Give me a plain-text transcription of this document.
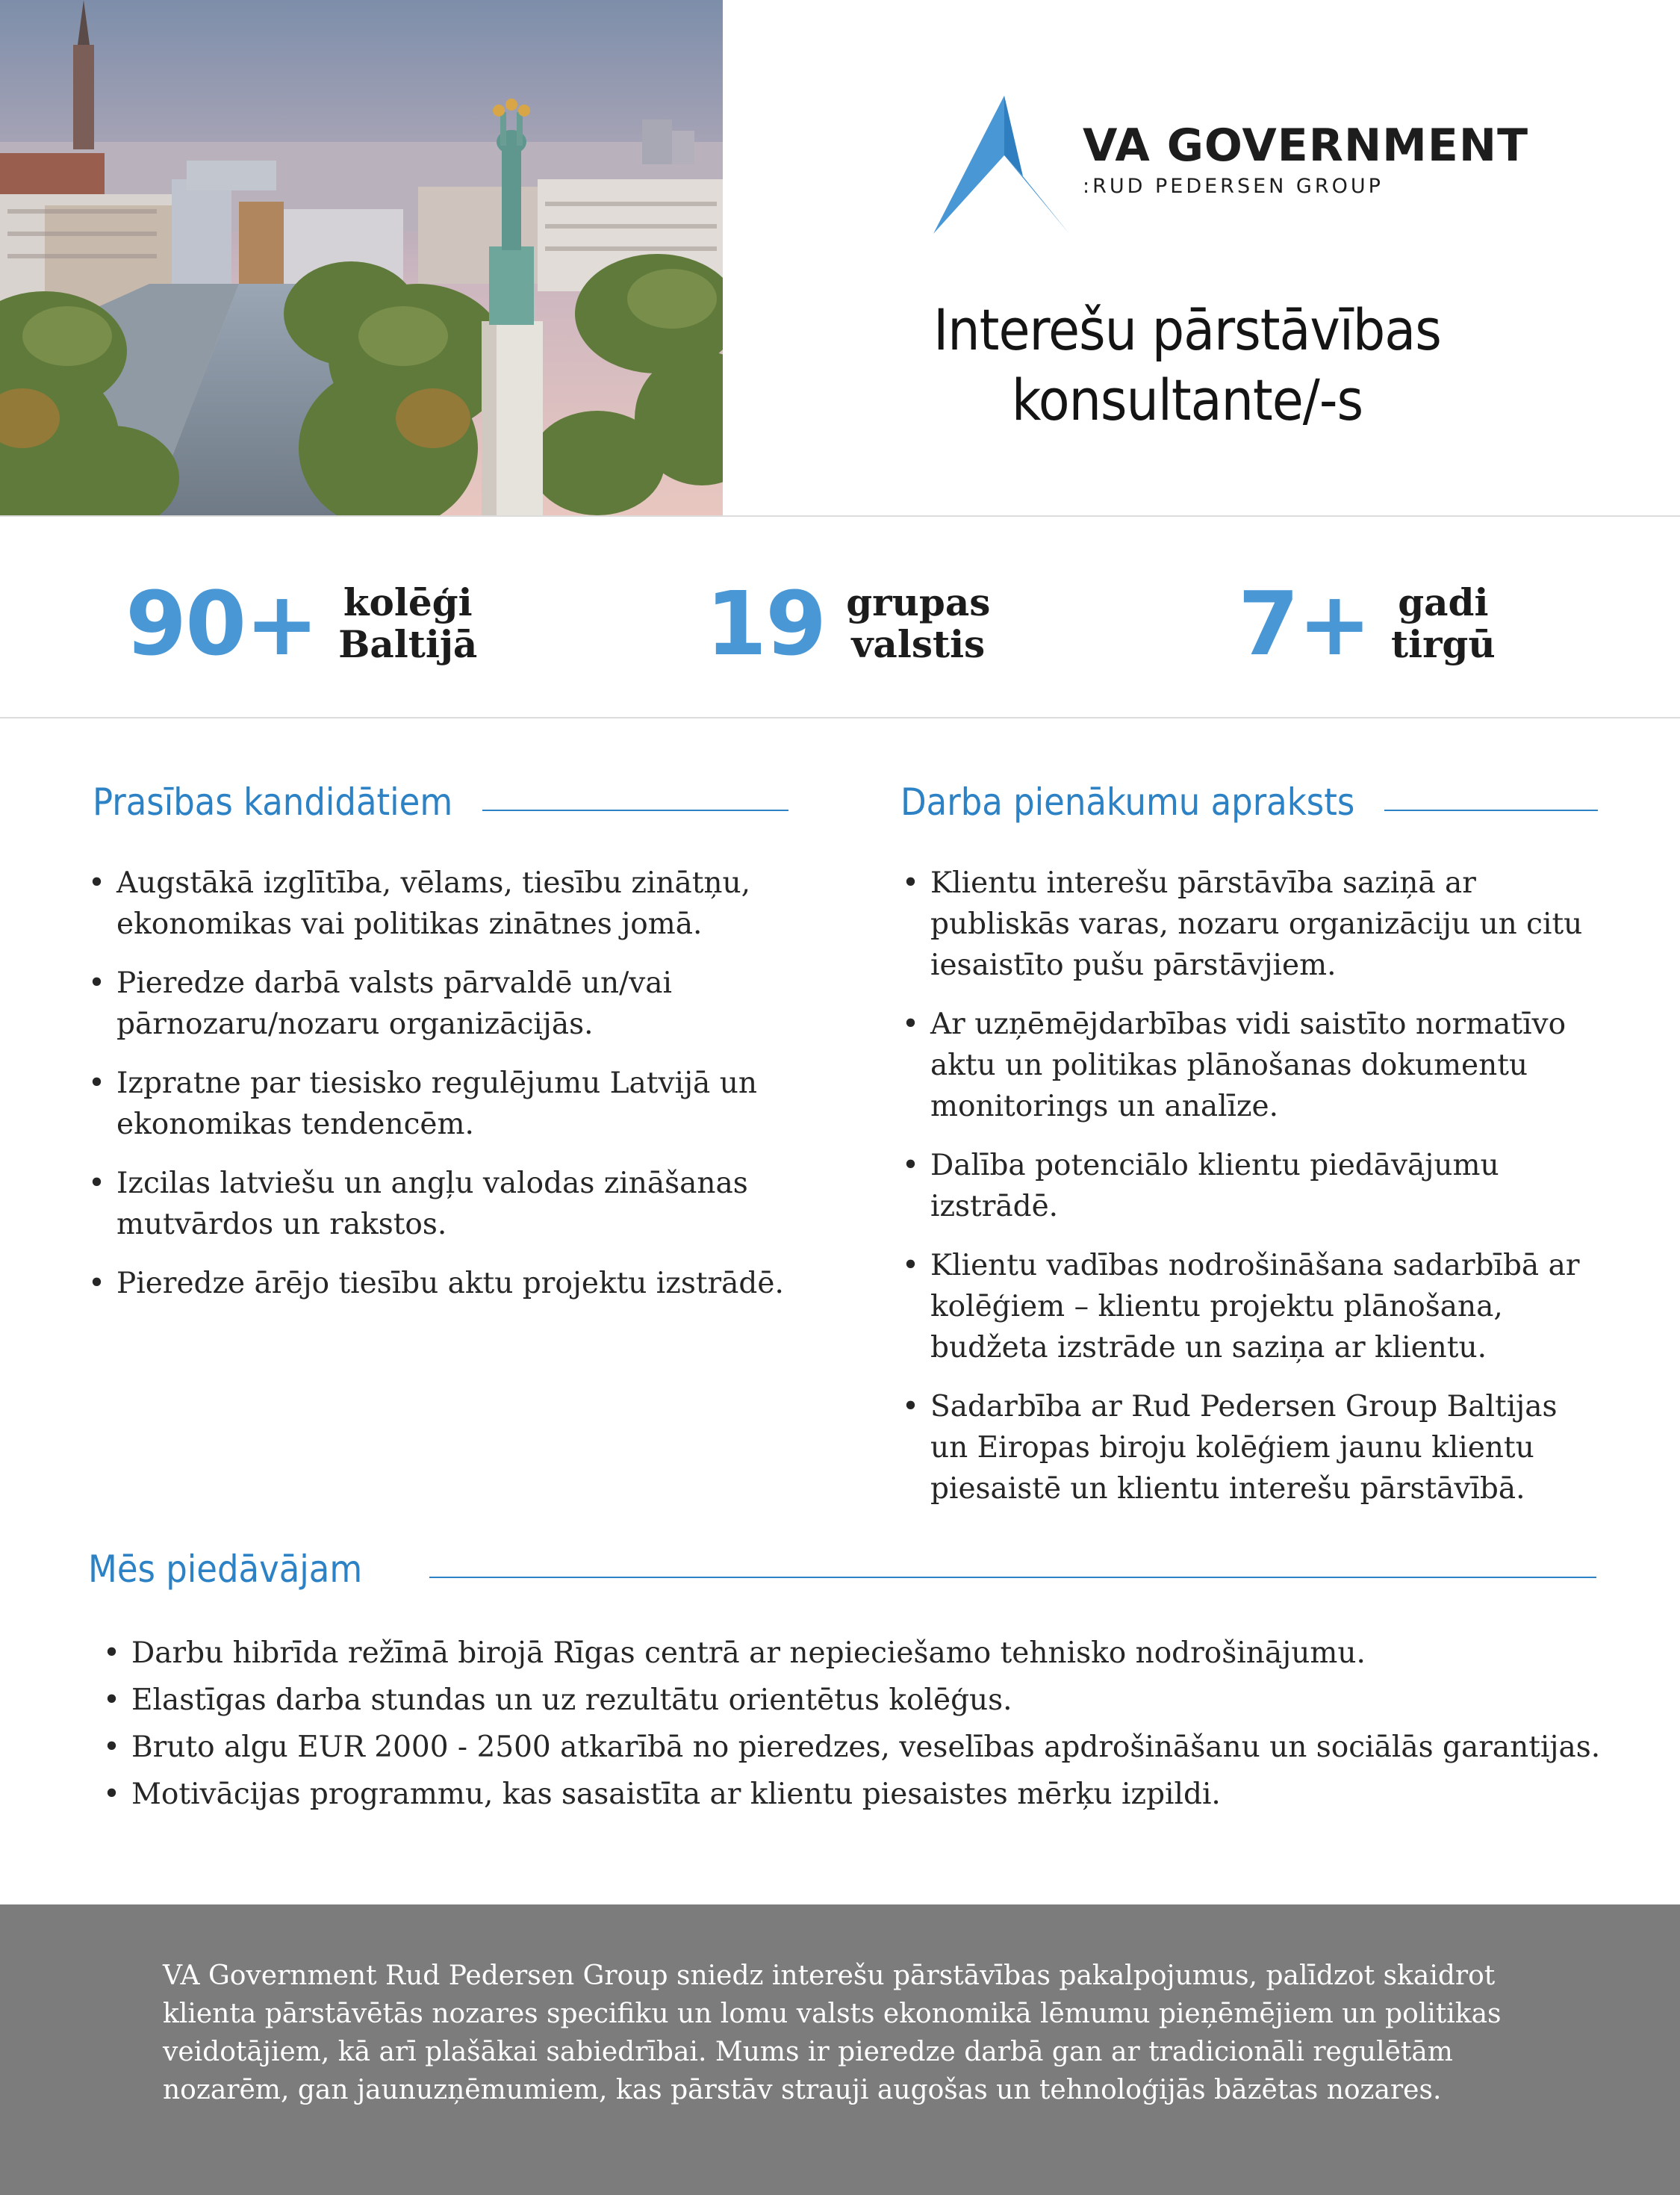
VA GOVERNMENT
:RUD PEDERSEN GROUP
Interešu pārstāvības
konsultante/-s
90+ kolēģi
Baltijā	19 grupas
valstis	7+ gadi
tirgū
Prasības kandidātiem
• Augstākā izglītība, vēlams, tiesību zinātņu, ekonomikas vai politikas zinātnes jomā.
• Pieredze darbā valsts pārvaldē un/vai pārnozaru/nozaru organizācijās.
• Izpratne par tiesisko regulējumu Latvijā un ekonomikas tendencēm.
• Izcilas latviešu un angļu valodas zināšanas mutvārdos un rakstos.
• Pieredze ārējo tiesību aktu projektu izstrādē.
Darba pienākumu apraksts
• Klientu interešu pārstāvība saziņā ar publiskās varas, nozaru organizāciju un citu iesaistīto pušu pārstāvjiem.
• Ar uzņēmējdarbības vidi saistīto normatīvo aktu un politikas plānošanas dokumentu monitorings un analīze.
• Dalība potenciālo klientu piedāvājumu izstrādē.
• Klientu vadības nodrošināšana sadarbībā ar kolēģiem – klientu projektu plānošana, budžeta izstrāde un saziņa ar klientu.
• Sadarbība ar Rud Pedersen Group Baltijas un Eiropas biroju kolēģiem jaunu klientu piesaistē un klientu interešu pārstāvībā.
Mēs piedāvājam
• Darbu hibrīda režīmā birojā Rīgas centrā ar nepieciešamo tehnisko nodrošinājumu.
• Elastīgas darba stundas un uz rezultātu orientētus kolēģus.
• Bruto algu EUR 2000 - 2500 atkarībā no pieredzes, veselības apdrošināšanu un sociālās garantijas.
• Motivācijas programmu, kas sasaistīta ar klientu piesaistes mērķu izpildi.

VA Government Rud Pedersen Group sniedz interešu pārstāvības pakalpojumus, palīdzot skaidrot klienta pārstāvētās nozares specifiku un lomu valsts ekonomikā lēmumu pieņēmējiem un politikas veidotājiem, kā arī plašākai sabiedrībai. Mums ir pieredze darbā gan ar tradicionāli regulētām nozarēm, gan jaunuzņēmumiem, kas pārstāv strauji augošas un tehnoloģijās bāzētas nozares.
